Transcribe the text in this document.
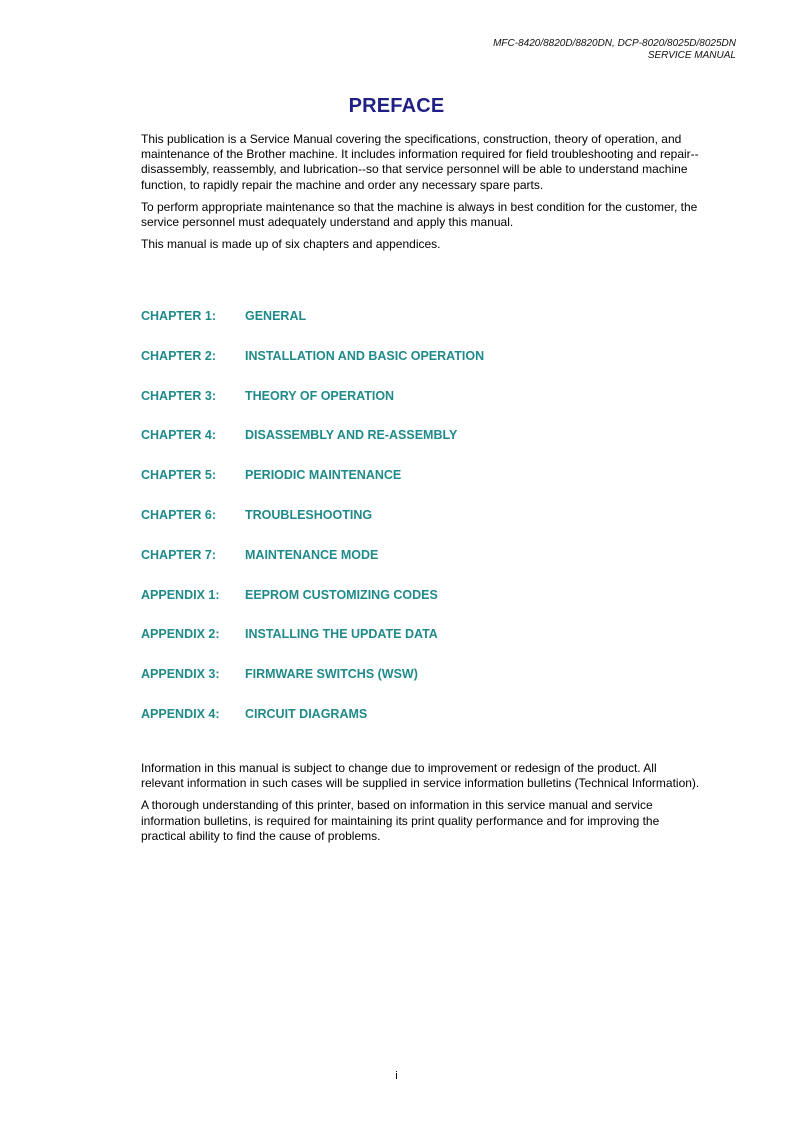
MFC-8420/8820D/8820DN, DCP-8020/8025D/8025DN
SERVICE MANUAL
PREFACE

This publication is a Service Manual covering the specifications, construction, theory of operation, and maintenance of the Brother machine. It includes information required for field troubleshooting and repair--disassembly, reassembly, and lubrication--so that service personnel will be able to understand machine function, to rapidly repair the machine and order any necessary spare parts.

To perform appropriate maintenance so that the machine is always in best condition for the customer, the service personnel must adequately understand and apply this manual.

This manual is made up of six chapters and appendices.

CHAPTER 1:	GENERAL
CHAPTER 2:	INSTALLATION AND BASIC OPERATION
CHAPTER 3:	THEORY OF OPERATION
CHAPTER 4:	DISASSEMBLY AND RE-ASSEMBLY
CHAPTER 5:	PERIODIC MAINTENANCE
CHAPTER 6:	TROUBLESHOOTING
CHAPTER 7:	MAINTENANCE MODE
APPENDIX 1:	EEPROM CUSTOMIZING CODES
APPENDIX 2:	INSTALLING THE UPDATE DATA
APPENDIX 3:	FIRMWARE SWITCHS (WSW)
APPENDIX 4:	CIRCUIT DIAGRAMS

Information in this manual is subject to change due to improvement or redesign of the product. All relevant information in such cases will be supplied in service information bulletins (Technical Information).

A thorough understanding of this printer, based on information in this service manual and service information bulletins, is required for maintaining its print quality performance and for improving the practical ability to find the cause of problems.

i
